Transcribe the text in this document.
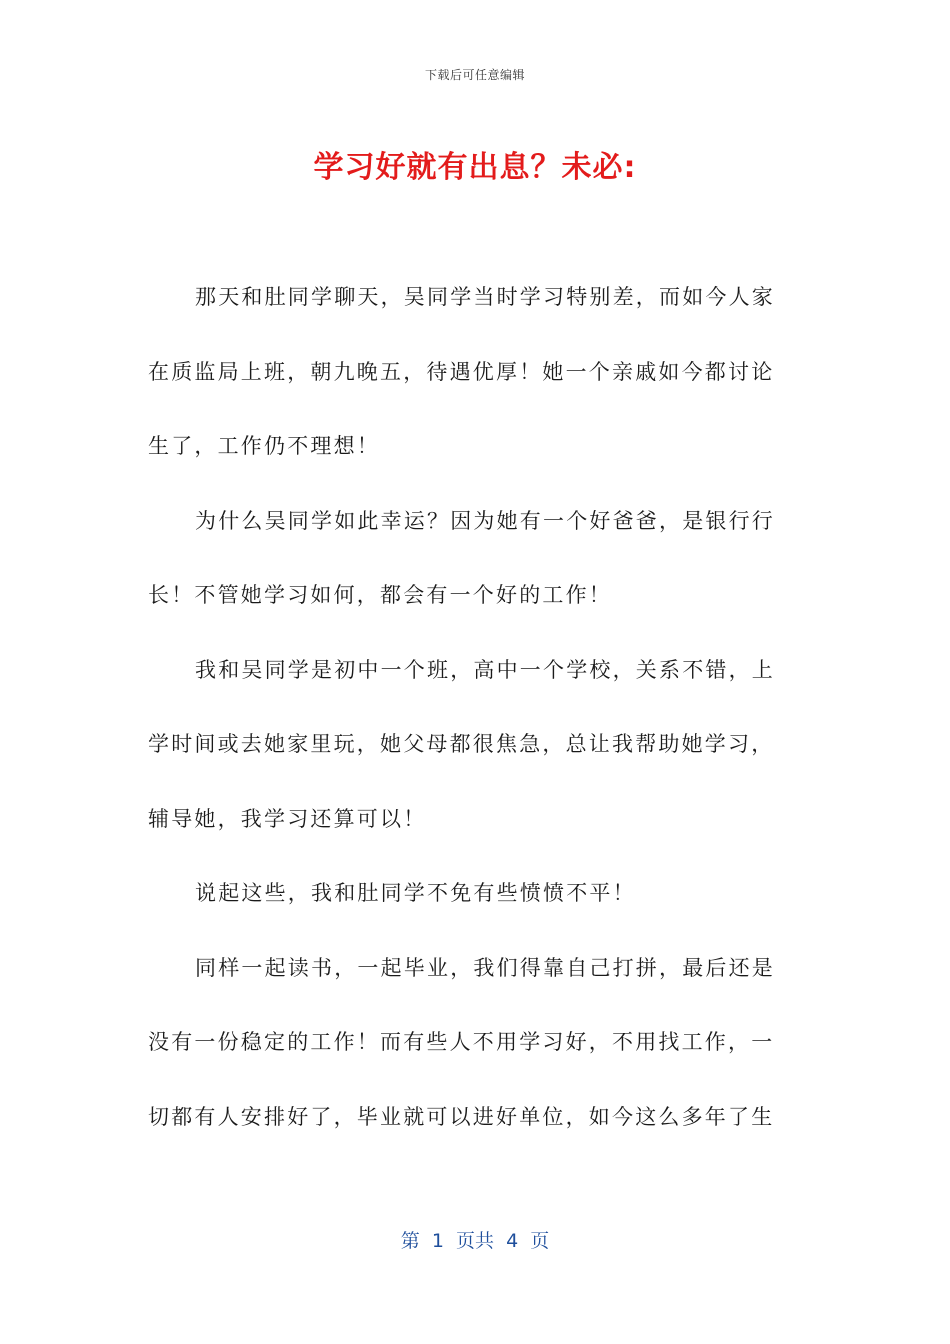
下载后可任意编辑
学习好就有出息？未必:
那天和肚同学聊天，吴同学当时学习特别差，而如今人家
在质监局上班，朝九晚五，待遇优厚！她一个亲戚如今都讨论
生了，工作仍不理想！
为什么吴同学如此幸运？因为她有一个好爸爸，是银行行
长！不管她学习如何，都会有一个好的工作！
我和吴同学是初中一个班，高中一个学校，关系不错，上
学时间或去她家里玩，她父母都很焦急，总让我帮助她学习，
辅导她，我学习还算可以！
说起这些，我和肚同学不免有些愤愤不平！
同样一起读书，一起毕业，我们得靠自己打拼，最后还是
没有一份稳定的工作！而有些人不用学习好，不用找工作，一
切都有人安排好了，毕业就可以进好单位，如今这么多年了生
第  1  页共  4  页
